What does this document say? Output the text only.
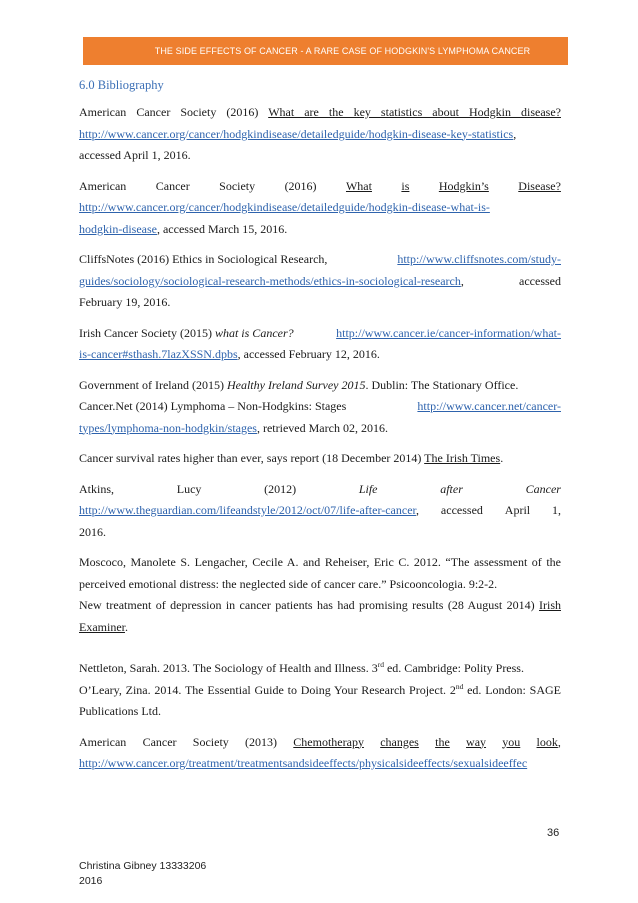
THE SIDE EFFECTS OF CANCER - A RARE CASE OF HODGKIN'S LYMPHOMA CANCER
6.0 Bibliography

American Cancer Society (2016) What are the key statistics about Hodgkin disease? http://www.cancer.org/cancer/hodgkindisease/detailedguide/hodgkin-disease-key-statistics,
accessed April 1, 2016.

American Cancer Society (2016) What is Hodgkin’s Disease?
http://www.cancer.org/cancer/hodgkindisease/detailedguide/hodgkin-disease-what-is-
hodgkin-disease, accessed March 15, 2016.
CliffsNotes (2016) Ethics in Sociological Research,	http://www.cliffsnotes.com/study-
guides/sociology/sociological-research-methods/ethics-in-sociological-research,	accessed
February 19, 2016.
Irish Cancer Society (2015) what is Cancer?	http://www.cancer.ie/cancer-information/what-
is-cancer#sthash.7lazXSSN.dpbs, accessed February 12, 2016.
Government of Ireland (2015) Healthy Ireland Survey 2015. Dublin: The Stationary Office.
Cancer.Net (2014) Lymphoma – Non-Hodgkins: Stages	http://www.cancer.net/cancer-
types/lymphoma-non-hodgkin/stages, retrieved March 02, 2016.
Cancer survival rates higher than ever, says report (18 December 2014) The Irish Times.
Atkins,	Lucy	(2012)	Life	after	Cancer
http://www.theguardian.com/lifeandstyle/2012/oct/07/life-after-cancer, accessed April 1,
2016.

Moscoco, Manolete S. Lengacher, Cecile A. and Reheiser, Eric C. 2012. “The assessment of the perceived emotional distress: the neglected side of cancer care.” Psicooncologia. 9:2-2.

New treatment of depression in cancer patients has had promising results (28 August 2014) Irish Examiner.

Nettleton, Sarah. 2013. The Sociology of Health and Illness. 3rd ed. Cambridge: Polity Press.

O’Leary, Zina. 2014. The Essential Guide to Doing Your Research Project. 2nd ed. London: SAGE Publications Ltd.

American Cancer Society (2013) Chemotherapy changes the way you look,
http://www.cancer.org/treatment/treatmentsandsideeffects/physicalsideeffects/sexualsideeffec
36
Christina Gibney 13333206
2016
